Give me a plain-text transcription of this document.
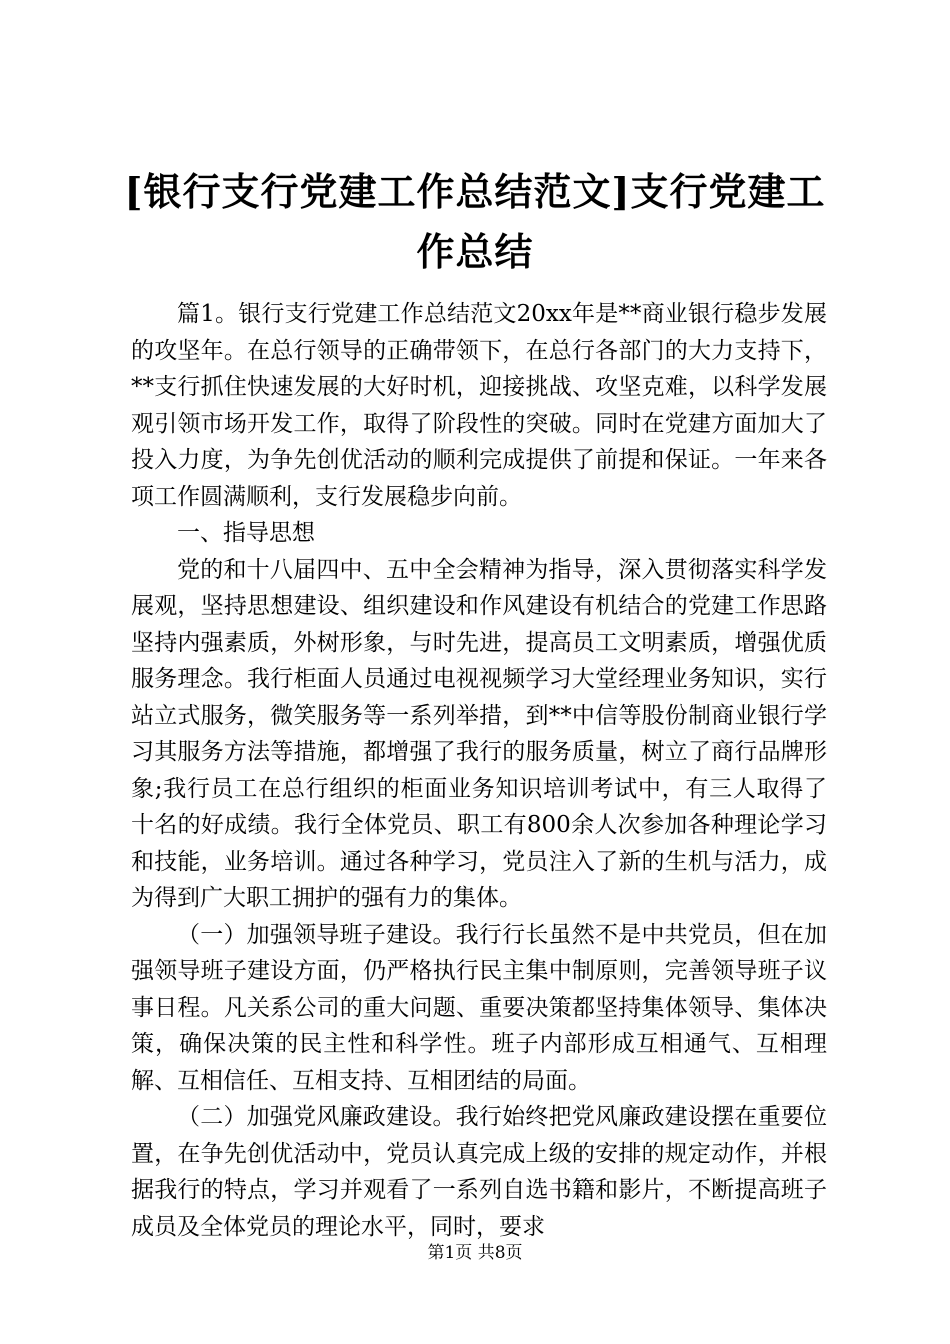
[银行支行党建工作总结范文]支行党建工作总结

篇1。银行支行党建工作总结范文20xx年是**商业银行稳步发展的攻坚年。在总行领导的正确带领下，在总行各部门的大力支持下，**支行抓住快速发展的大好时机，迎接挑战、攻坚克难，以科学发展观引领市场开发工作，取得了阶段性的突破。同时在党建方面加大了投入力度，为争先创优活动的顺利完成提供了前提和保证。一年来各项工作圆满顺利，支行发展稳步向前。

一、指导思想

党的和十八届四中、五中全会精神为指导，深入贯彻落实科学发展观，坚持思想建设、组织建设和作风建设有机结合的党建工作思路坚持内强素质，外树形象，与时先进，提高员工文明素质，增强优质服务理念。我行柜面人员通过电视视频学习大堂经理业务知识，实行站立式服务，微笑服务等一系列举措，到**中信等股份制商业银行学习其服务方法等措施，都增强了我行的服务质量，树立了商行品牌形象;我行员工在总行组织的柜面业务知识培训考试中，有三人取得了十名的好成绩。我行全体党员、职工有800余人次参加各种理论学习和技能，业务培训。通过各种学习，党员注入了新的生机与活力，成为得到广大职工拥护的强有力的集体。

（一）加强领导班子建设。我行行长虽然不是中共党员，但在加强领导班子建设方面，仍严格执行民主集中制原则，完善领导班子议事日程。凡关系公司的重大问题、重要决策都坚持集体领导、集体决策，确保决策的民主性和科学性。班子内部形成互相通气、互相理解、互相信任、互相支持、互相团结的局面。

（二）加强党风廉政建设。我行始终把党风廉政建设摆在重要位置，在争先创优活动中，党员认真完成上级的安排的规定动作，并根据我行的特点，学习并观看了一系列自选书籍和影片，不断提高班子成员及全体党员的理论水平，同时，要求

第1页 共8页
